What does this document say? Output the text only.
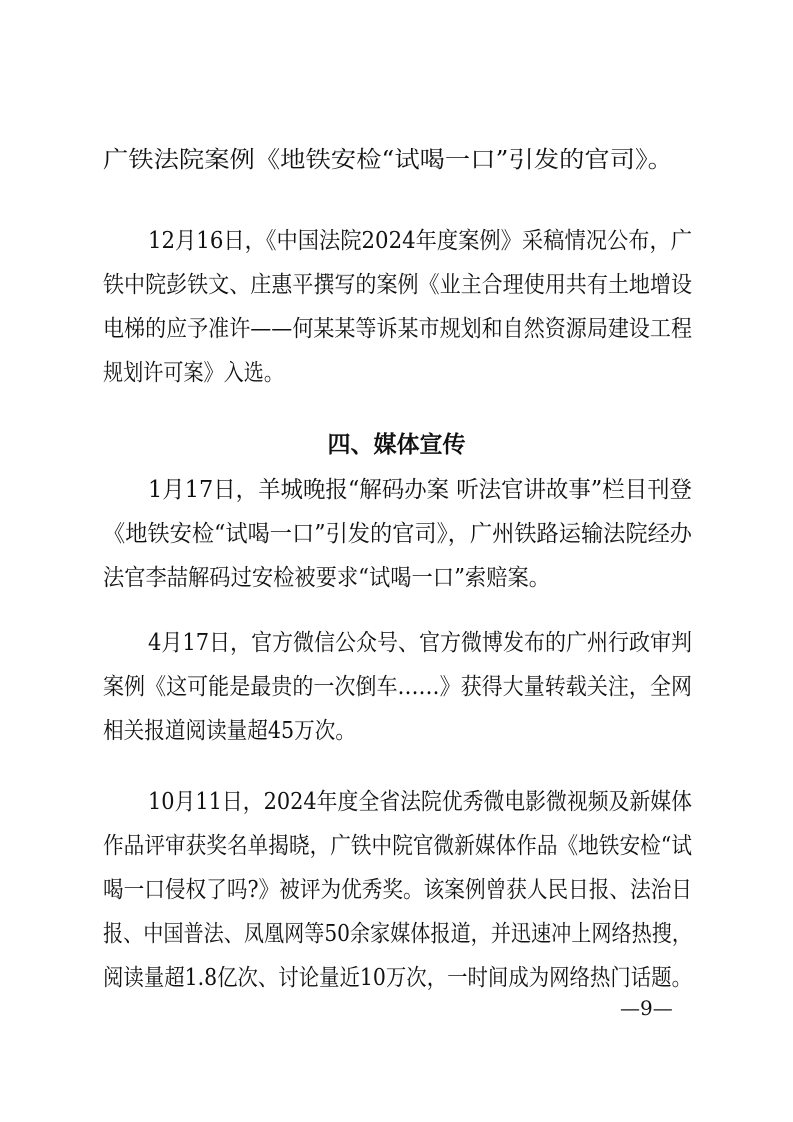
广铁法院案例《地铁安检“试喝一口”引发的官司》。
12月16日，《中国法院2024年度案例》采稿情况公布，广
铁中院彭铁文、庄惠平撰写的案例《业主合理使用共有土地增设
电梯的应予准许——何某某等诉某市规划和自然资源局建设工程
规划许可案》入选。
四、媒体宣传
1月17日，羊城晚报“解码办案 听法官讲故事”栏目刊登
《地铁安检“试喝一口”引发的官司》，广州铁路运输法院经办
法官李喆解码过安检被要求“试喝一口”索赔案。
4月17日，官方微信公众号、官方微博发布的广州行政审判
案例《这可能是最贵的一次倒车……》获得大量转载关注，全网
相关报道阅读量超45万次。
10月11日，2024年度全省法院优秀微电影微视频及新媒体
作品评审获奖名单揭晓，广铁中院官微新媒体作品《地铁安检“试
喝一口侵权了吗?》被评为优秀奖。该案例曾获人民日报、法治日
报、中国普法、凤凰网等50余家媒体报道，并迅速冲上网络热搜，
阅读量超1.8亿次、讨论量近10万次，一时间成为网络热门话题。
—9—
